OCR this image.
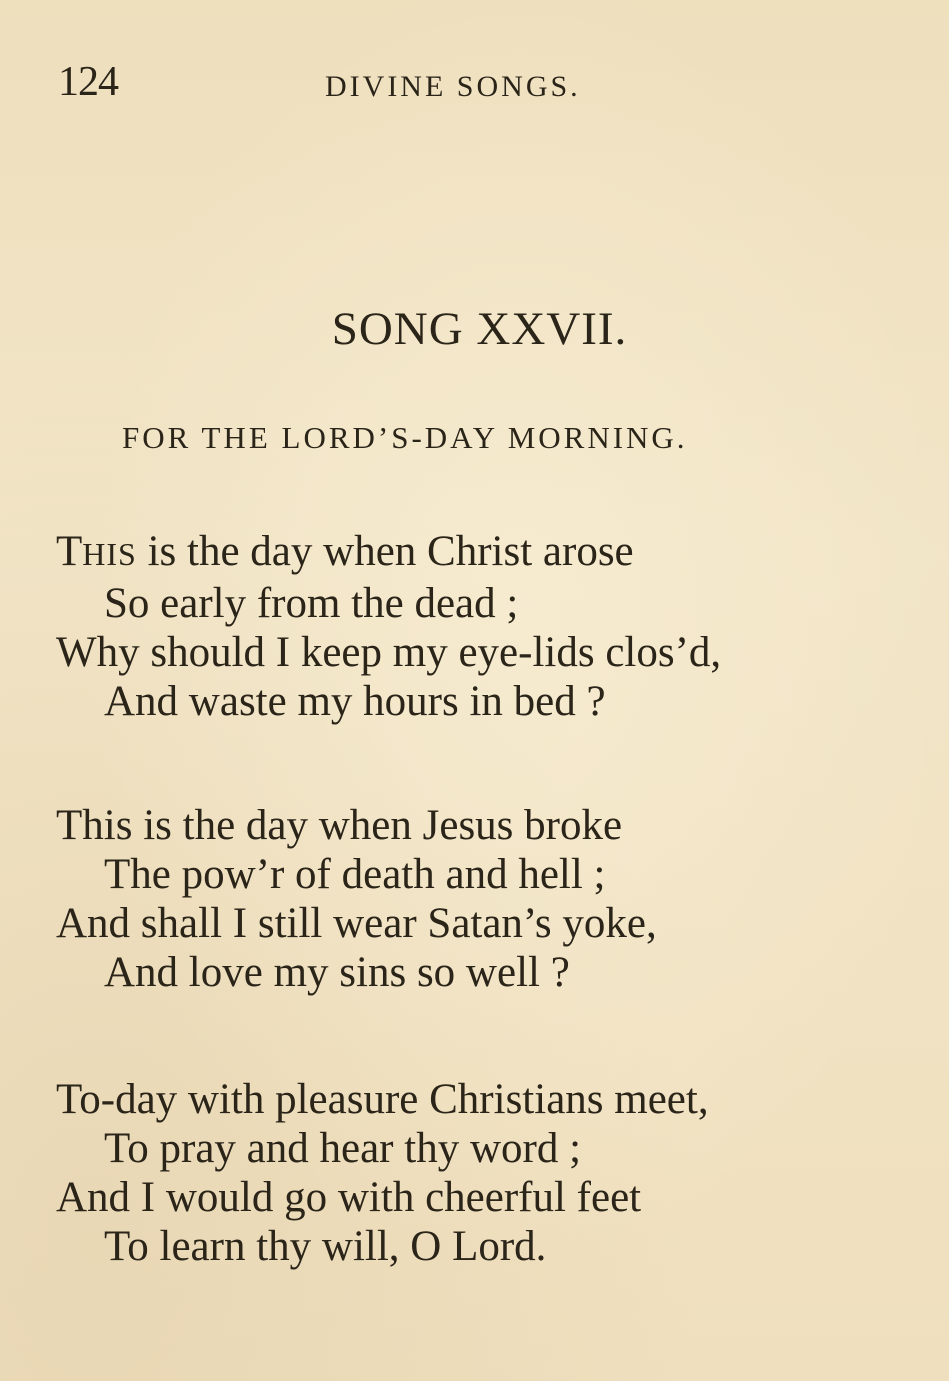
124	DIVINE SONGS.
SONG XXVII.
FOR THE LORD’S-DAY MORNING.
THIS is the day when Christ arose
So early from the dead ;
Why should I keep my eye-lids clos’d,
And waste my hours in bed ?
This is the day when Jesus broke
The pow’r of death and hell ;
And shall I still wear Satan’s yoke,
And love my sins so well ?
To-day with pleasure Christians meet,
To pray and hear thy word ;
And I would go with cheerful feet
To learn thy will, O Lord.
